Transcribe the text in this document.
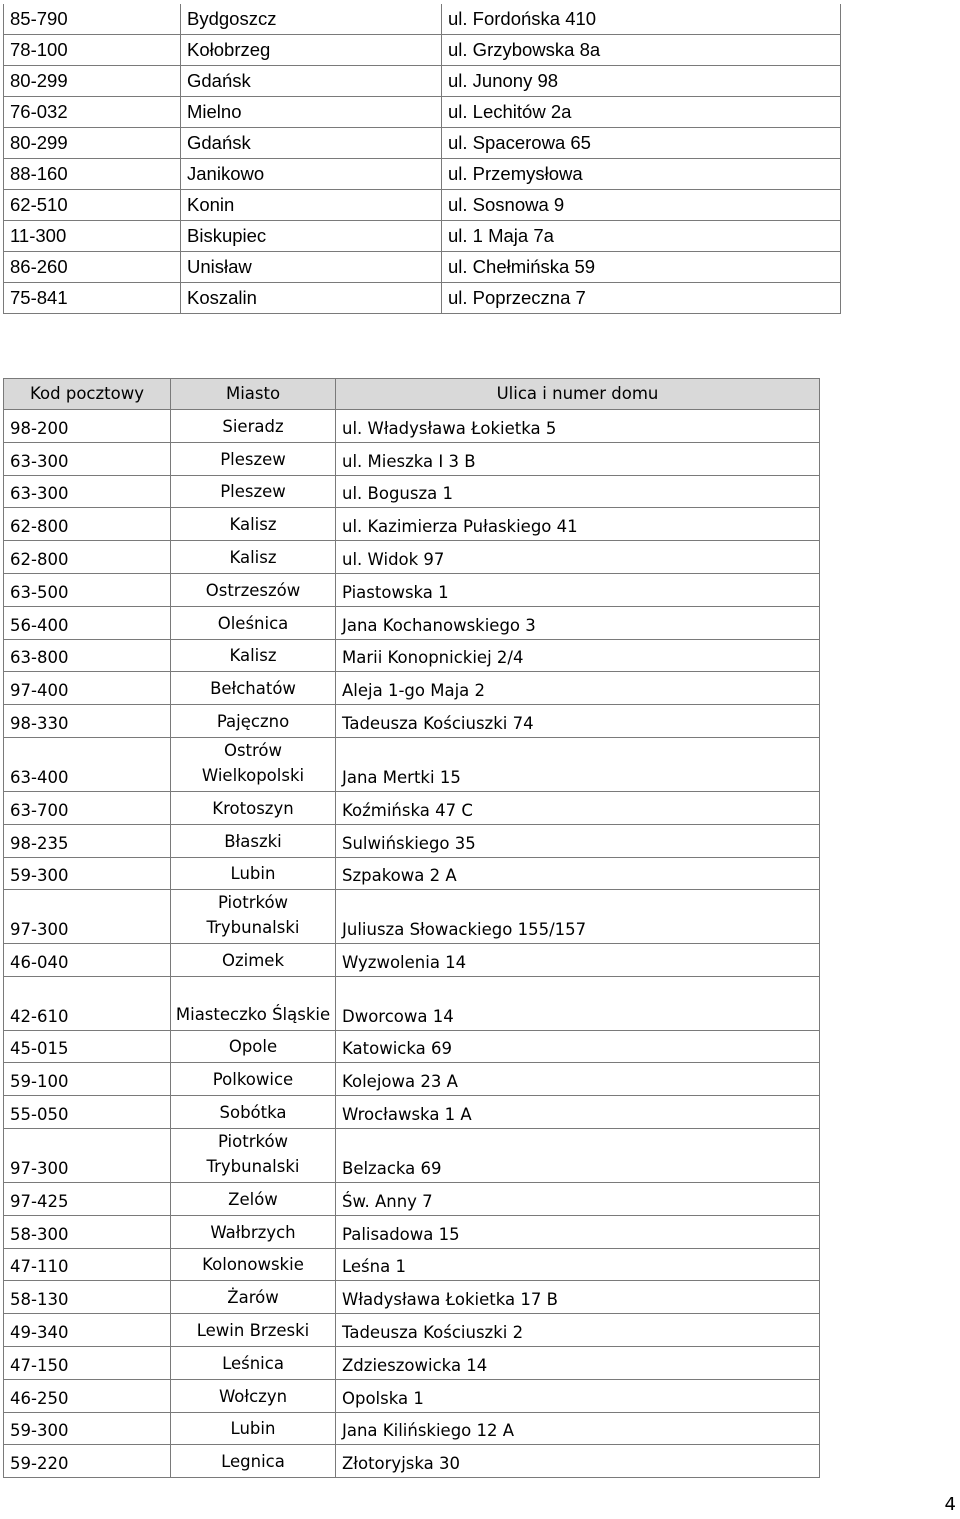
85-790	Bydgoszcz	ul. Fordońska 410
78-100	Kołobrzeg	ul. Grzybowska 8a
80-299	Gdańsk	ul. Junony 98
76-032	Mielno	ul. Lechitów 2a
80-299	Gdańsk	ul. Spacerowa 65
88-160	Janikowo	ul. Przemysłowa
62-510	Konin	ul. Sosnowa 9
11-300	Biskupiec	ul. 1 Maja 7a
86-260	Unisław	ul. Chełmińska 59
75-841	Koszalin	ul. Poprzeczna 7
Kod pocztowy	Miasto	Ulica i numer domu
98-200	Sieradz	ul. Władysława Łokietka 5
63-300	Pleszew	ul. Mieszka I 3 B
63-300	Pleszew	ul. Bogusza 1
62-800	Kalisz	ul. Kazimierza Pułaskiego 41
62-800	Kalisz	ul. Widok 97
63-500	Ostrzeszów	Piastowska 1
56-400	Oleśnica	Jana Kochanowskiego 3
63-800	Kalisz	Marii Konopnickiej 2/4
97-400	Bełchatów	Aleja 1-go Maja 2
98-330	Pajęczno	Tadeusza Kościuszki 74
63-400	Ostrów Wielkopolski	Jana Mertki 15
63-700	Krotoszyn	Koźmińska 47 C
98-235	Błaszki	Sulwińskiego 35
59-300	Lubin	Szpakowa 2 A
97-300	Piotrków Trybunalski	Juliusza Słowackiego 155/157
46-040	Ozimek	Wyzwolenia 14
42-610	Miasteczko Śląskie	Dworcowa 14
45-015	Opole	Katowicka 69
59-100	Polkowice	Kolejowa 23 A
55-050	Sobótka	Wrocławska 1 A
97-300	Piotrków Trybunalski	Belzacka 69
97-425	Zelów	Św. Anny 7
58-300	Wałbrzych	Palisadowa 15
47-110	Kolonowskie	Leśna 1
58-130	Żarów	Władysława Łokietka 17 B
49-340	Lewin Brzeski	Tadeusza Kościuszki 2
47-150	Leśnica	Zdzieszowicka 14
46-250	Wołczyn	Opolska 1
59-300	Lubin	Jana Kilińskiego 12 A
59-220	Legnica	Złotoryjska 30
4
